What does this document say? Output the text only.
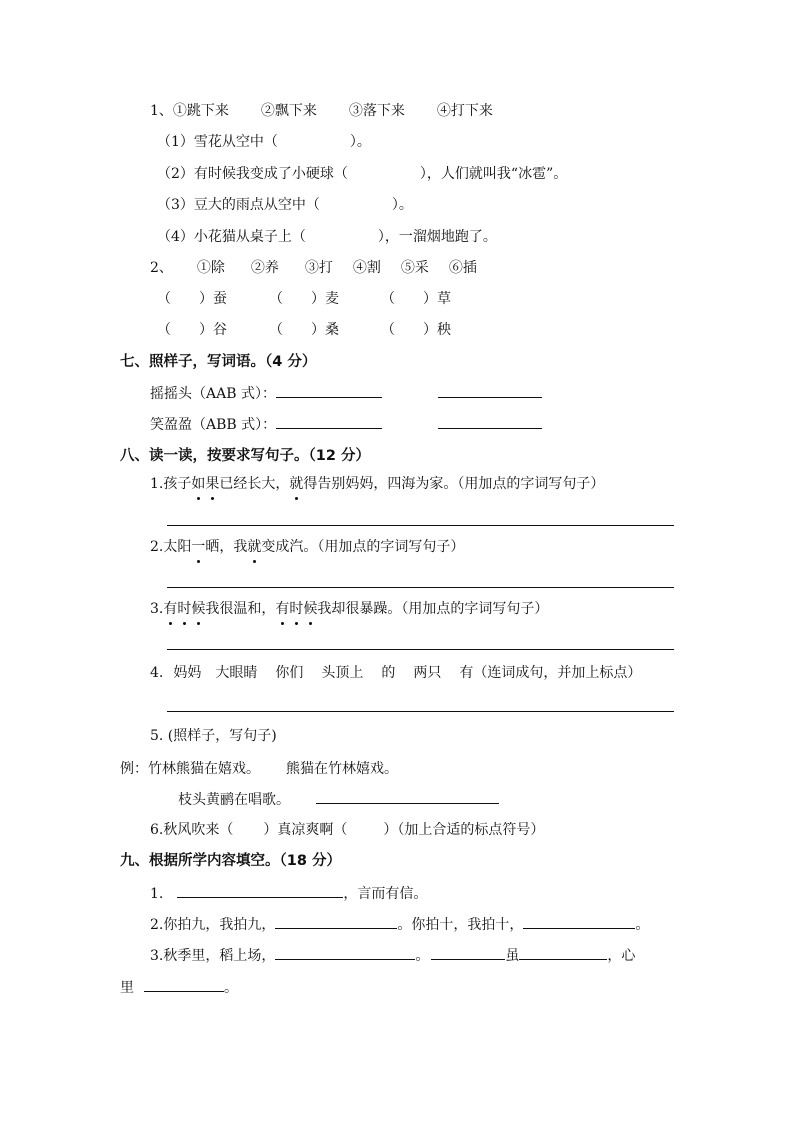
1、①跳下来 ②飘下来 ③落下来 ④打下来
（1）雪花从空中（	）。
（2）有时候我变成了小硬球（	），人们就叫我“冰雹”。
（3）豆大的雨点从空中（	）。
（4）小花猫从桌子上（	），一溜烟地跑了。
2、 ①除 ②养 ③打 ④割 ⑤采 ⑥插
（　　）蚕	（　　）麦	（　　）草
（　　）谷	（　　）桑	（　　）秧
七、照样子，写词语。（4 分）
摇摇头（AAB 式）：
笑盈盈（ABB 式）：
八、读一读，按要求写句子。（12 分）
1.孩子如果已经长大，就得告别妈妈，四海为家。（用加点的字词写句子）
2.太阳一晒，我就变成汽。（用加点的字词写句子）
3.有时候我很温和，有时候我却很暴躁。（用加点的字词写句子）
4. 妈妈 大眼睛 你们 头顶上 的 两只 有（连词成句，并加上标点）
5. (照样子，写句子)
例：竹林熊猫在嬉戏。 熊猫在竹林嬉戏。
枝头黄鹂在唱歌。
6.秋风吹来（ ）真凉爽啊（	）（加上合适的标点符号）
九、根据所学内容填空。（18 分）
1.	，言而有信。
2.你拍九，我拍九，	。你拍十，我拍十，	。
3.秋季里，稻上场，	。	虽	，心
里	。
